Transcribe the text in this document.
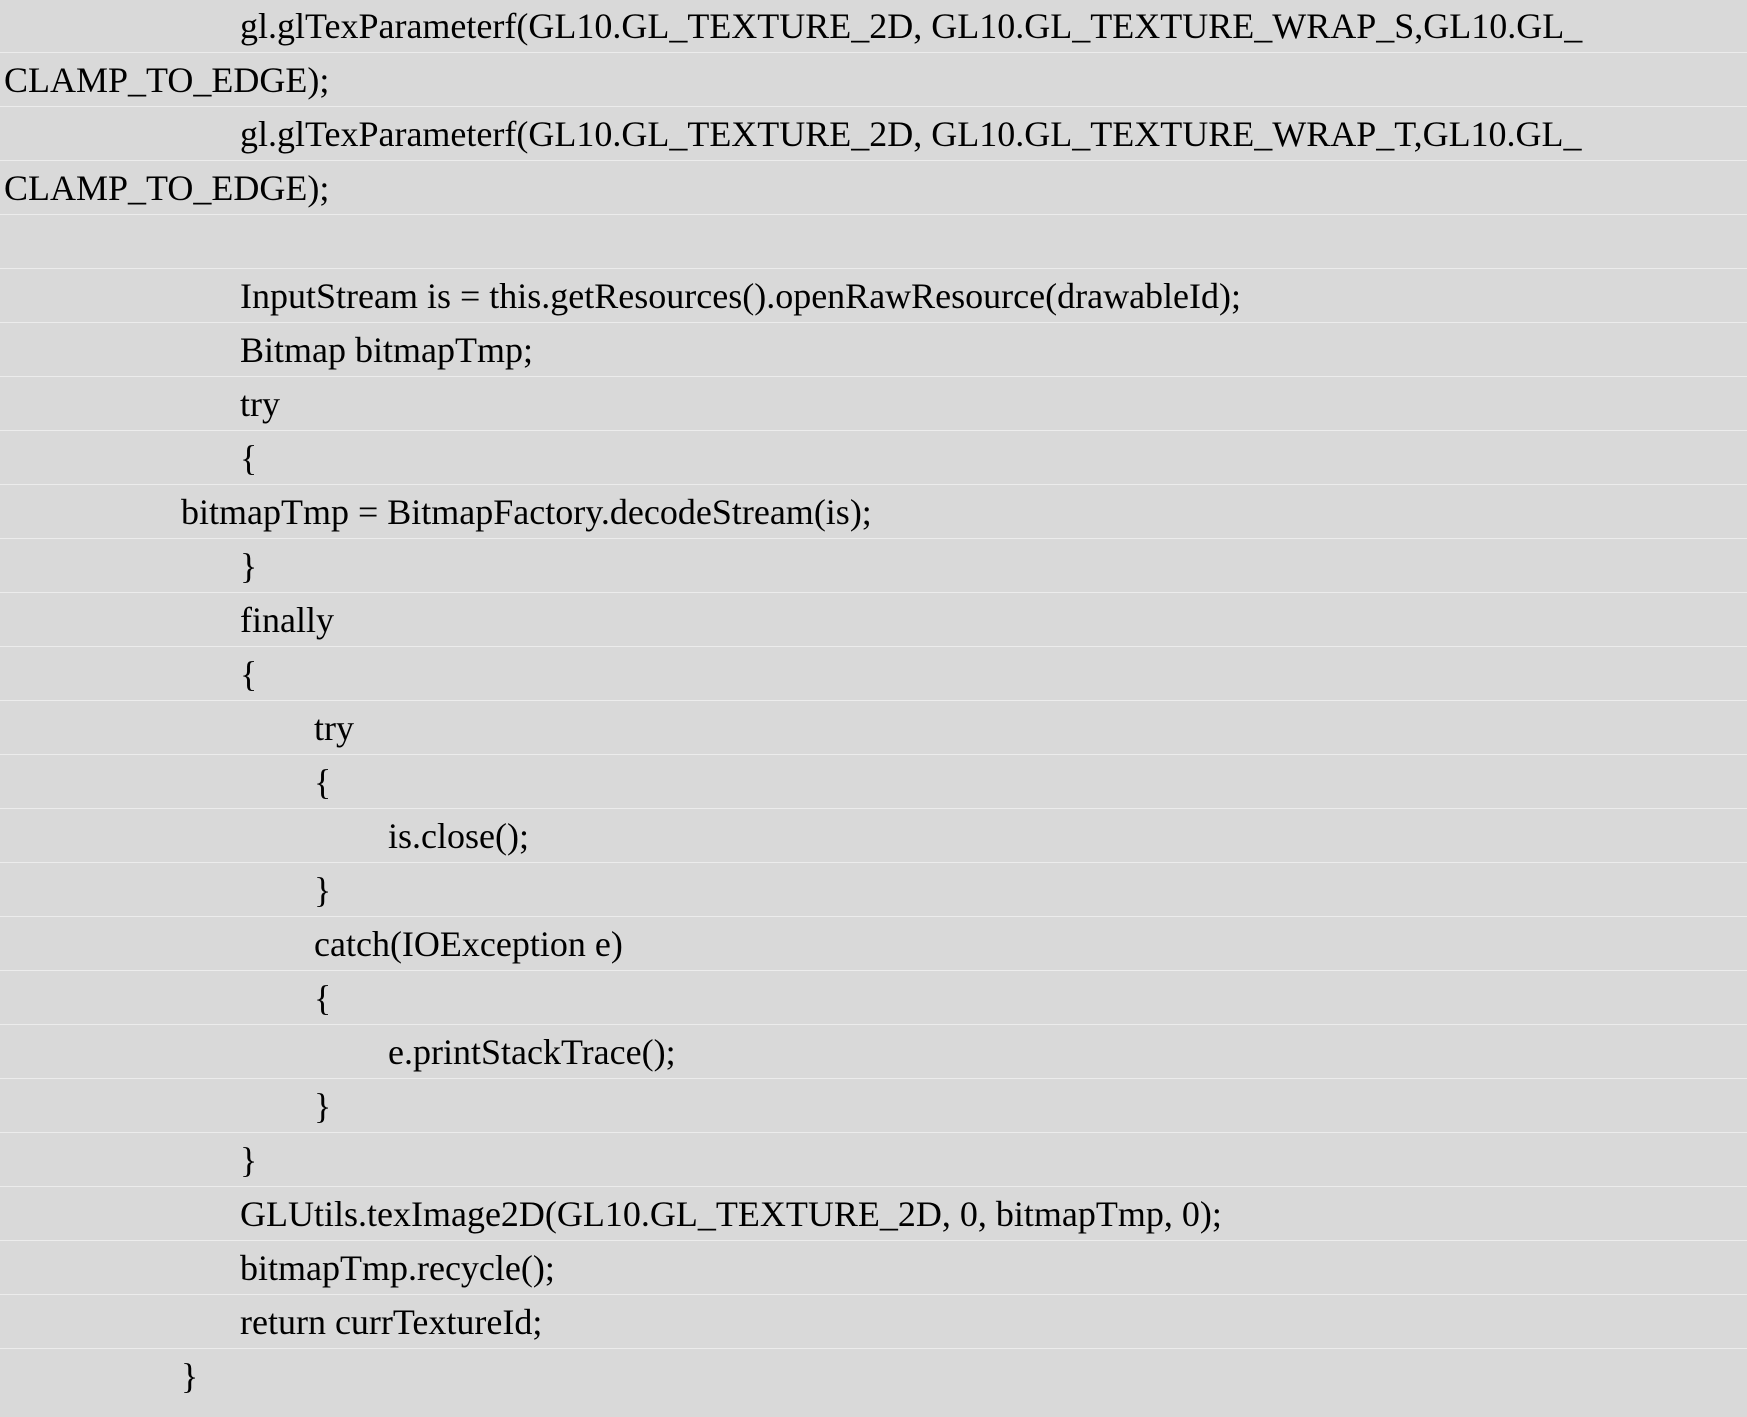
gl.glTexParameterf(GL10.GL_TEXTURE_2D, GL10.GL_TEXTURE_WRAP_S,GL10.GL_
CLAMP_TO_EDGE);
gl.glTexParameterf(GL10.GL_TEXTURE_2D, GL10.GL_TEXTURE_WRAP_T,GL10.GL_
CLAMP_TO_EDGE);
InputStream is = this.getResources().openRawResource(drawableId);
Bitmap bitmapTmp;
try
{
bitmapTmp = BitmapFactory.decodeStream(is);
}
finally
{
try
{
is.close();
}
catch(IOException e)
{
e.printStackTrace();
}
}
GLUtils.texImage2D(GL10.GL_TEXTURE_2D, 0, bitmapTmp, 0);
bitmapTmp.recycle();
return currTextureId;
}
